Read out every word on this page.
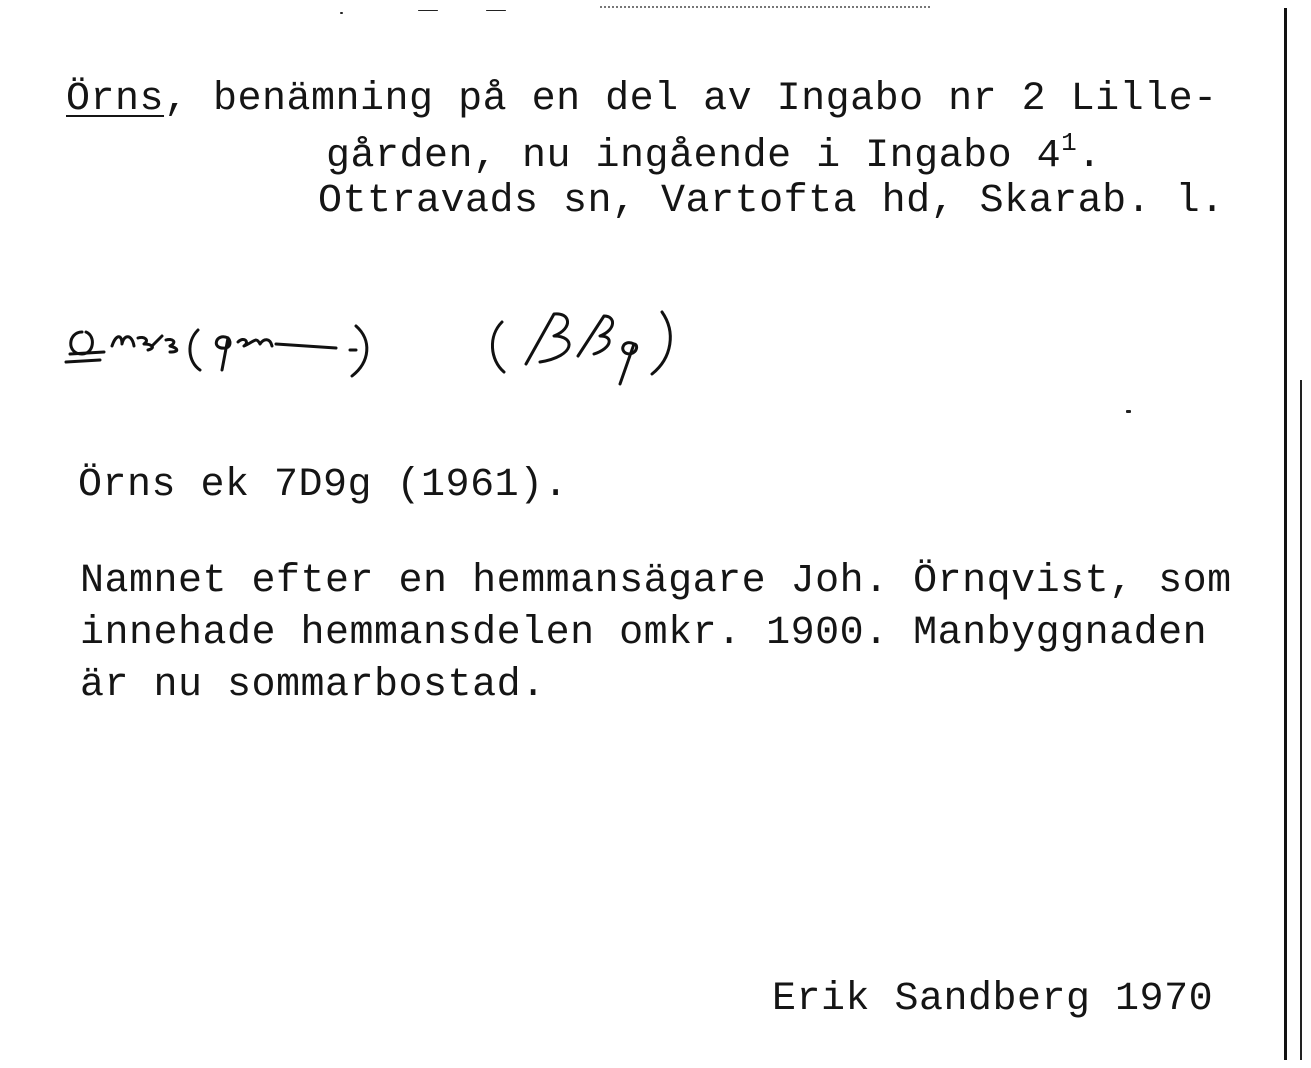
Örns, benämning på en del av Ingabo nr 2 Lille-
gården, nu ingående i Ingabo $4^1$.
Ottravads sn, Vartofta hd, Skarab. l.
Örns ek 7D9g (1961).
Namnet efter en hemmansägare Joh. Örnqvist, som
innehade hemmansdelen omkr. 1900. Manbyggnaden
är nu sommarbostad.
Erik Sandberg 1970
